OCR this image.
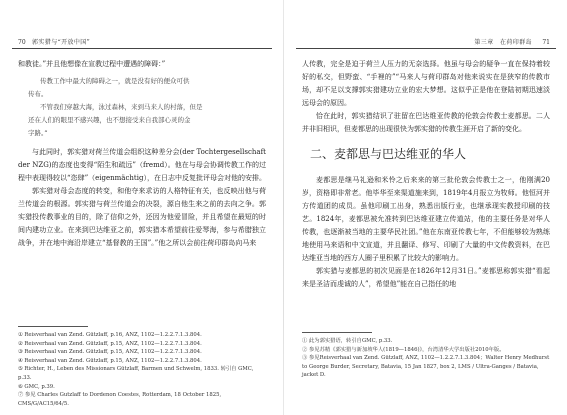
70 郭实猎与“开放中国”

和教徒。”并且他想像在宣教过程中遭遇的障碍：”

传教工作中最大的障碍之一，就是没有好的便众可供
传布。
不管我们穿越大海，泳过森林，来到马来人的村落，但是
还在人们的眼里不感兴趣，也不想接受来自我部心灵的金
字路。”

与此同时，郭实猎对荷兰传道会组织这种差分会(der Tochtergesellschaft der NZG)的态度也变得“陌生和疏远”（fremd）。他在与母会协调传教工作的过程中表现得较以“恣肆”（eigenmächtig），在日志中反复批评母会对他的安排。

郭实猎对母会态度的转变，和他夺来求访的人格特征有关，也反映出他与荷兰传道会的根源。郭实猎与荷兰传道会的决裂，源自他生来之前的去向之争。郭实猎投传教事业的目的，除了信仰之外，还因为他爱冒险，并且希望在最短的时间内建功立业。在来到巴达维亚之前，郭实猎本希望前往爱琴海，参与希腊独立战争，并在地中海沿岸建立“基督教的王国”。”他之所以会前往荷印群岛向马来

① Reisverhaal van Zend. Gützlaff, p.16, ANZ, 1102—1.2.2.7.1.3.804.
② Reisverhaal van Zend. Gützlaff, p.15, ANZ, 1102—1.2.2.7.1.3.804.
③ Reisverhaal van Zend. Gützlaff, p.15, ANZ, 1102—1.2.2.7.1.3.804.
④ Reisverhaal van Zend. Gützlaff, p.15, ANZ, 1102—1.2.2.7.1.3.804.
⑤ Richter, H., Leben des Missionars Gützlaff, Barmen und Schwelm, 1833. 转引自 GMC, p.33.
⑥ GMC, p.39.
⑦ 参见 Charles Gutzlaff to Dordenon Coestes, Rotterdam, 18 October 1825, CMS/G/AC15/64/5.
第三章　在荷印群岛 71

人传教，完全是迫于荷兰人压力的无奈选择。他虽与母会的疑争一直在保持着较好的私交，但野蛮、“手裡的”“马来人与荷印群岛对他来说实在是狭窄的传教市场，却不足以支撑郭实猎建功立业的宏大梦想。这似乎正是他在登陆初期迅速淡远母会的原因。

恰在此时，郭实猎结识了驻留在巴达维亚传教的伦敦会传教士麦都思。二人并非旧相识，但麦都思的出现很快为郭实猎的传教生涯开启了新的变化。

二、麦都思与巴达维亚的华人

麦都思是继马礼逊和米怜之后来来的第三批伦敦会传教士之一，他刚满20岁，资格即非常老。他毕华至来渠道施来到，1819年4月报立为牧师。他恒河并方传道团的成员。虽他印刷工出身，熟悉出版行业，也继承现实教授印刷的技艺。1824年，麦都思被允准转到巴达维亚建立传道站，他的主要任务是对华人传教，也逐渐被当地的主要华民社团。”他在东南亚传教七年，不但能够较为熟练地使用马来语和中文宣道，并且翻译、修写、印刷了大量的中文传教资料，在巴达维亚当地的西方人圈子里积累了比较大的影响力。

郭实猎与麦都思的初次见面是在1826年12月31日。”麦都思称郭实猎“看起来是圣洁而虔诚的人”，希望他”能在自己指任的地

① 此为郭实猎语，转引自GMC, p.33.
② 参见苏精《郭实猎与新加坡华人(1819—1846)》，台湾清华大学出版社2010年版。
③ 参见Reisverhaal van Zend. Gützlaff, ANZ, 1102—1.2.2.7.1.3.804；Walter Henry Medhurst to George Burder, Secretary, Batavia, 15 Jan 1827, box 2, LMS / Ultra-Ganges / Batavia, jacket D.
